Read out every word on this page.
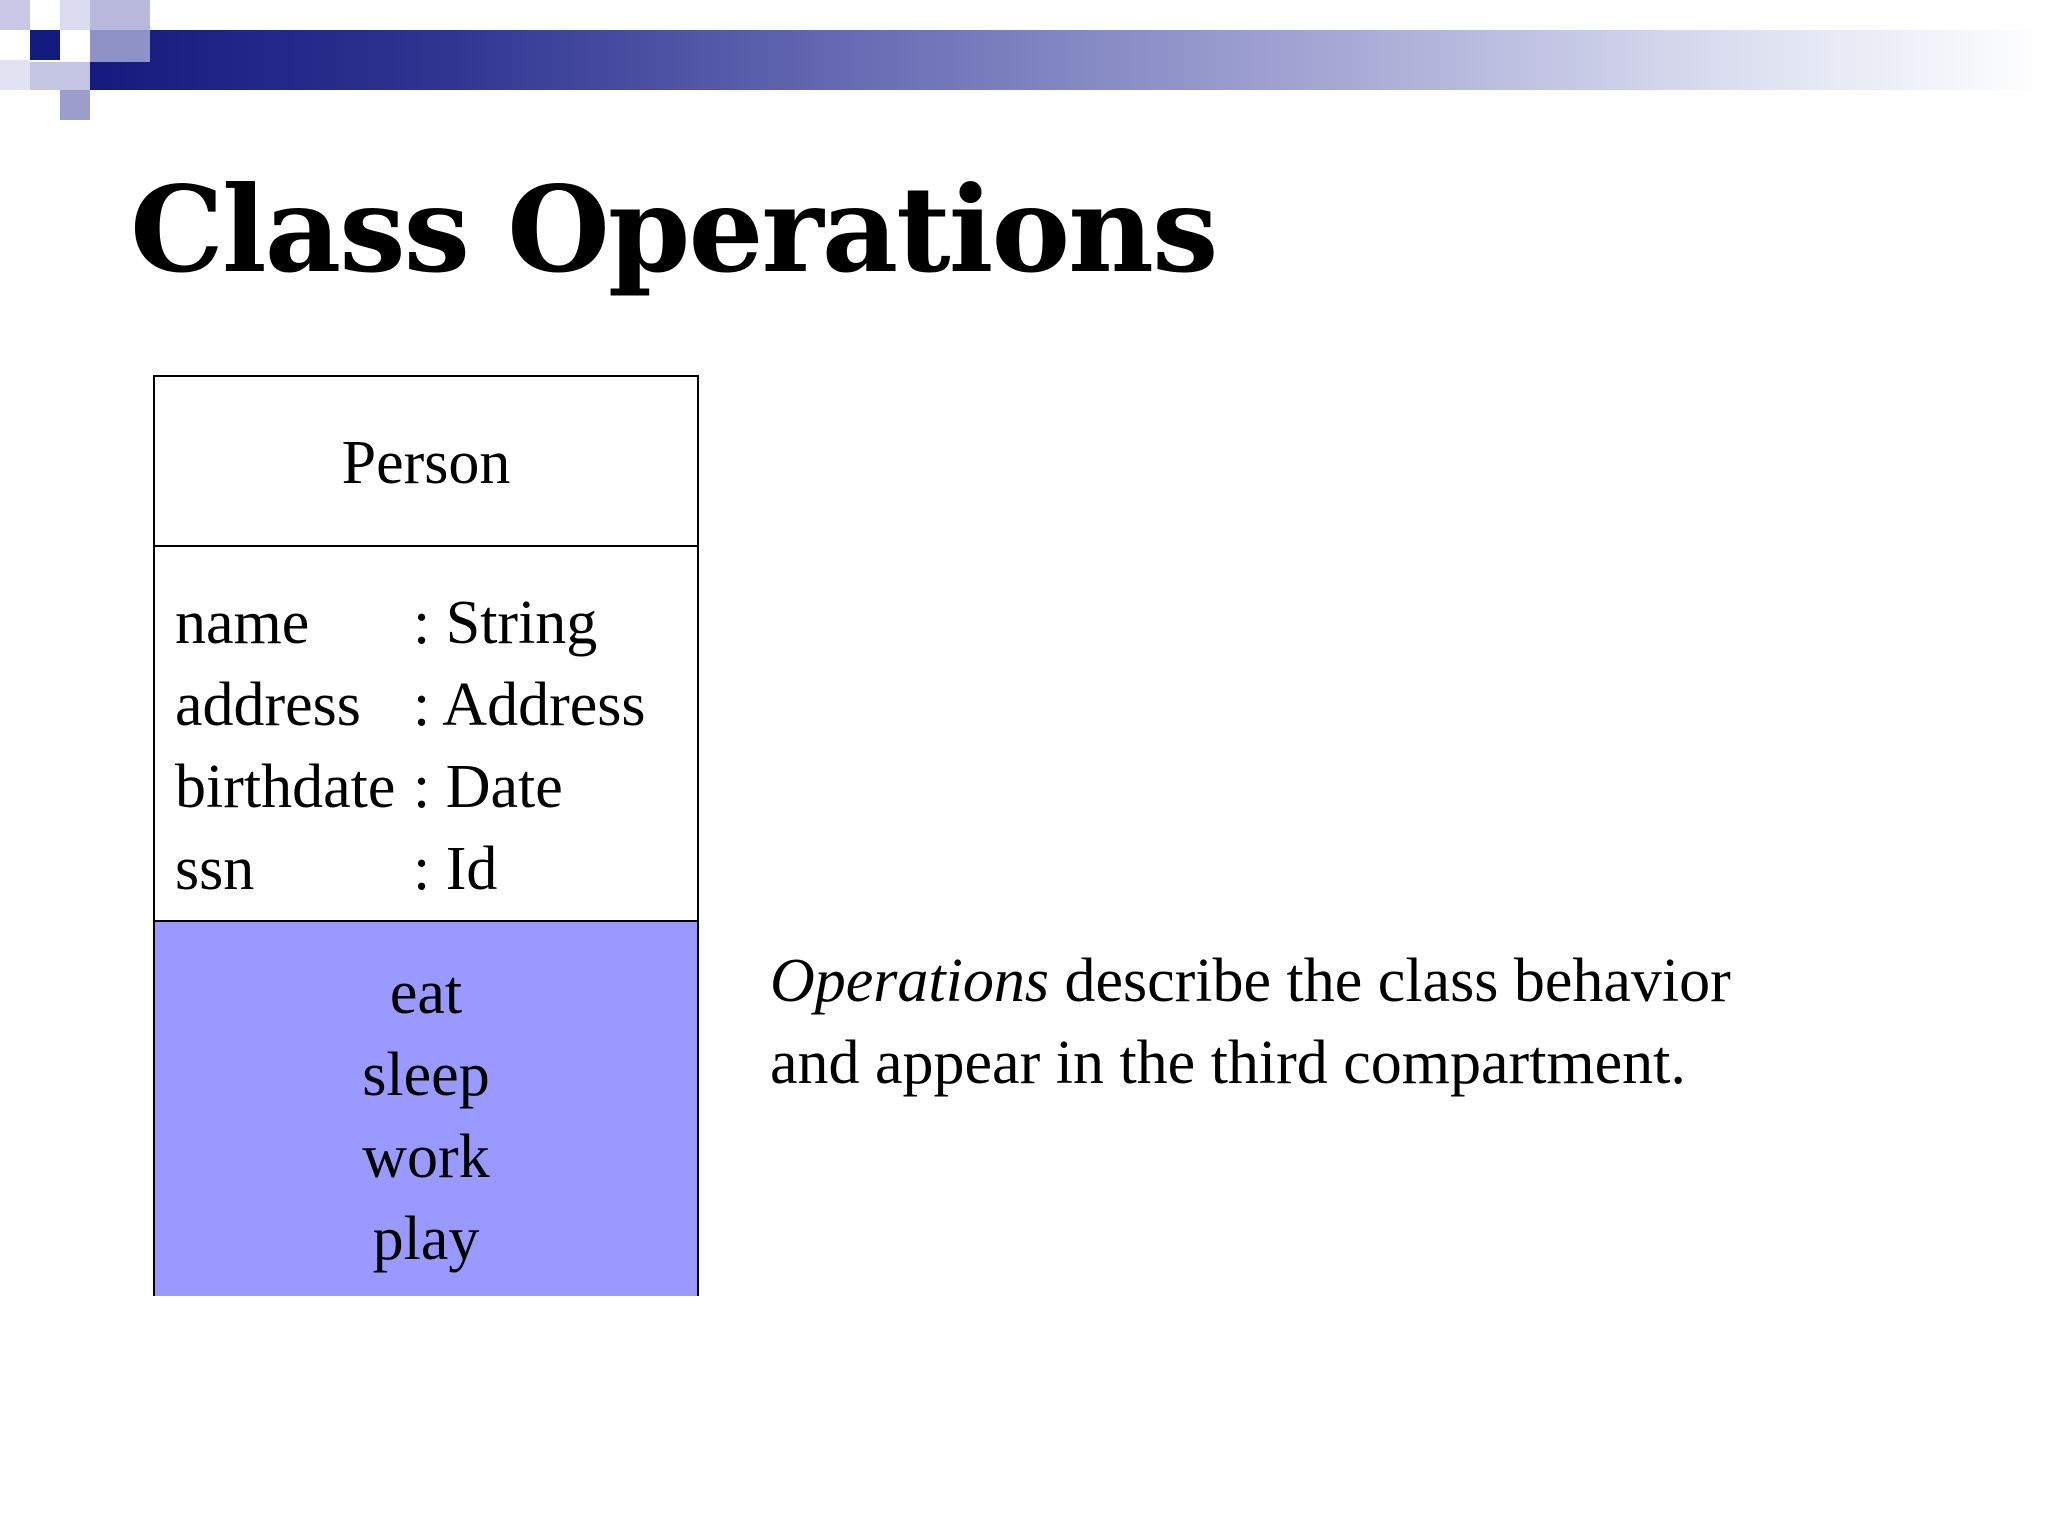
Class Operations
Person
name	: String
address : Address
birthdate : Date
ssn	: Id
eat
sleep
work
play

Operations describe the class behavior
and appear in the third compartment.
